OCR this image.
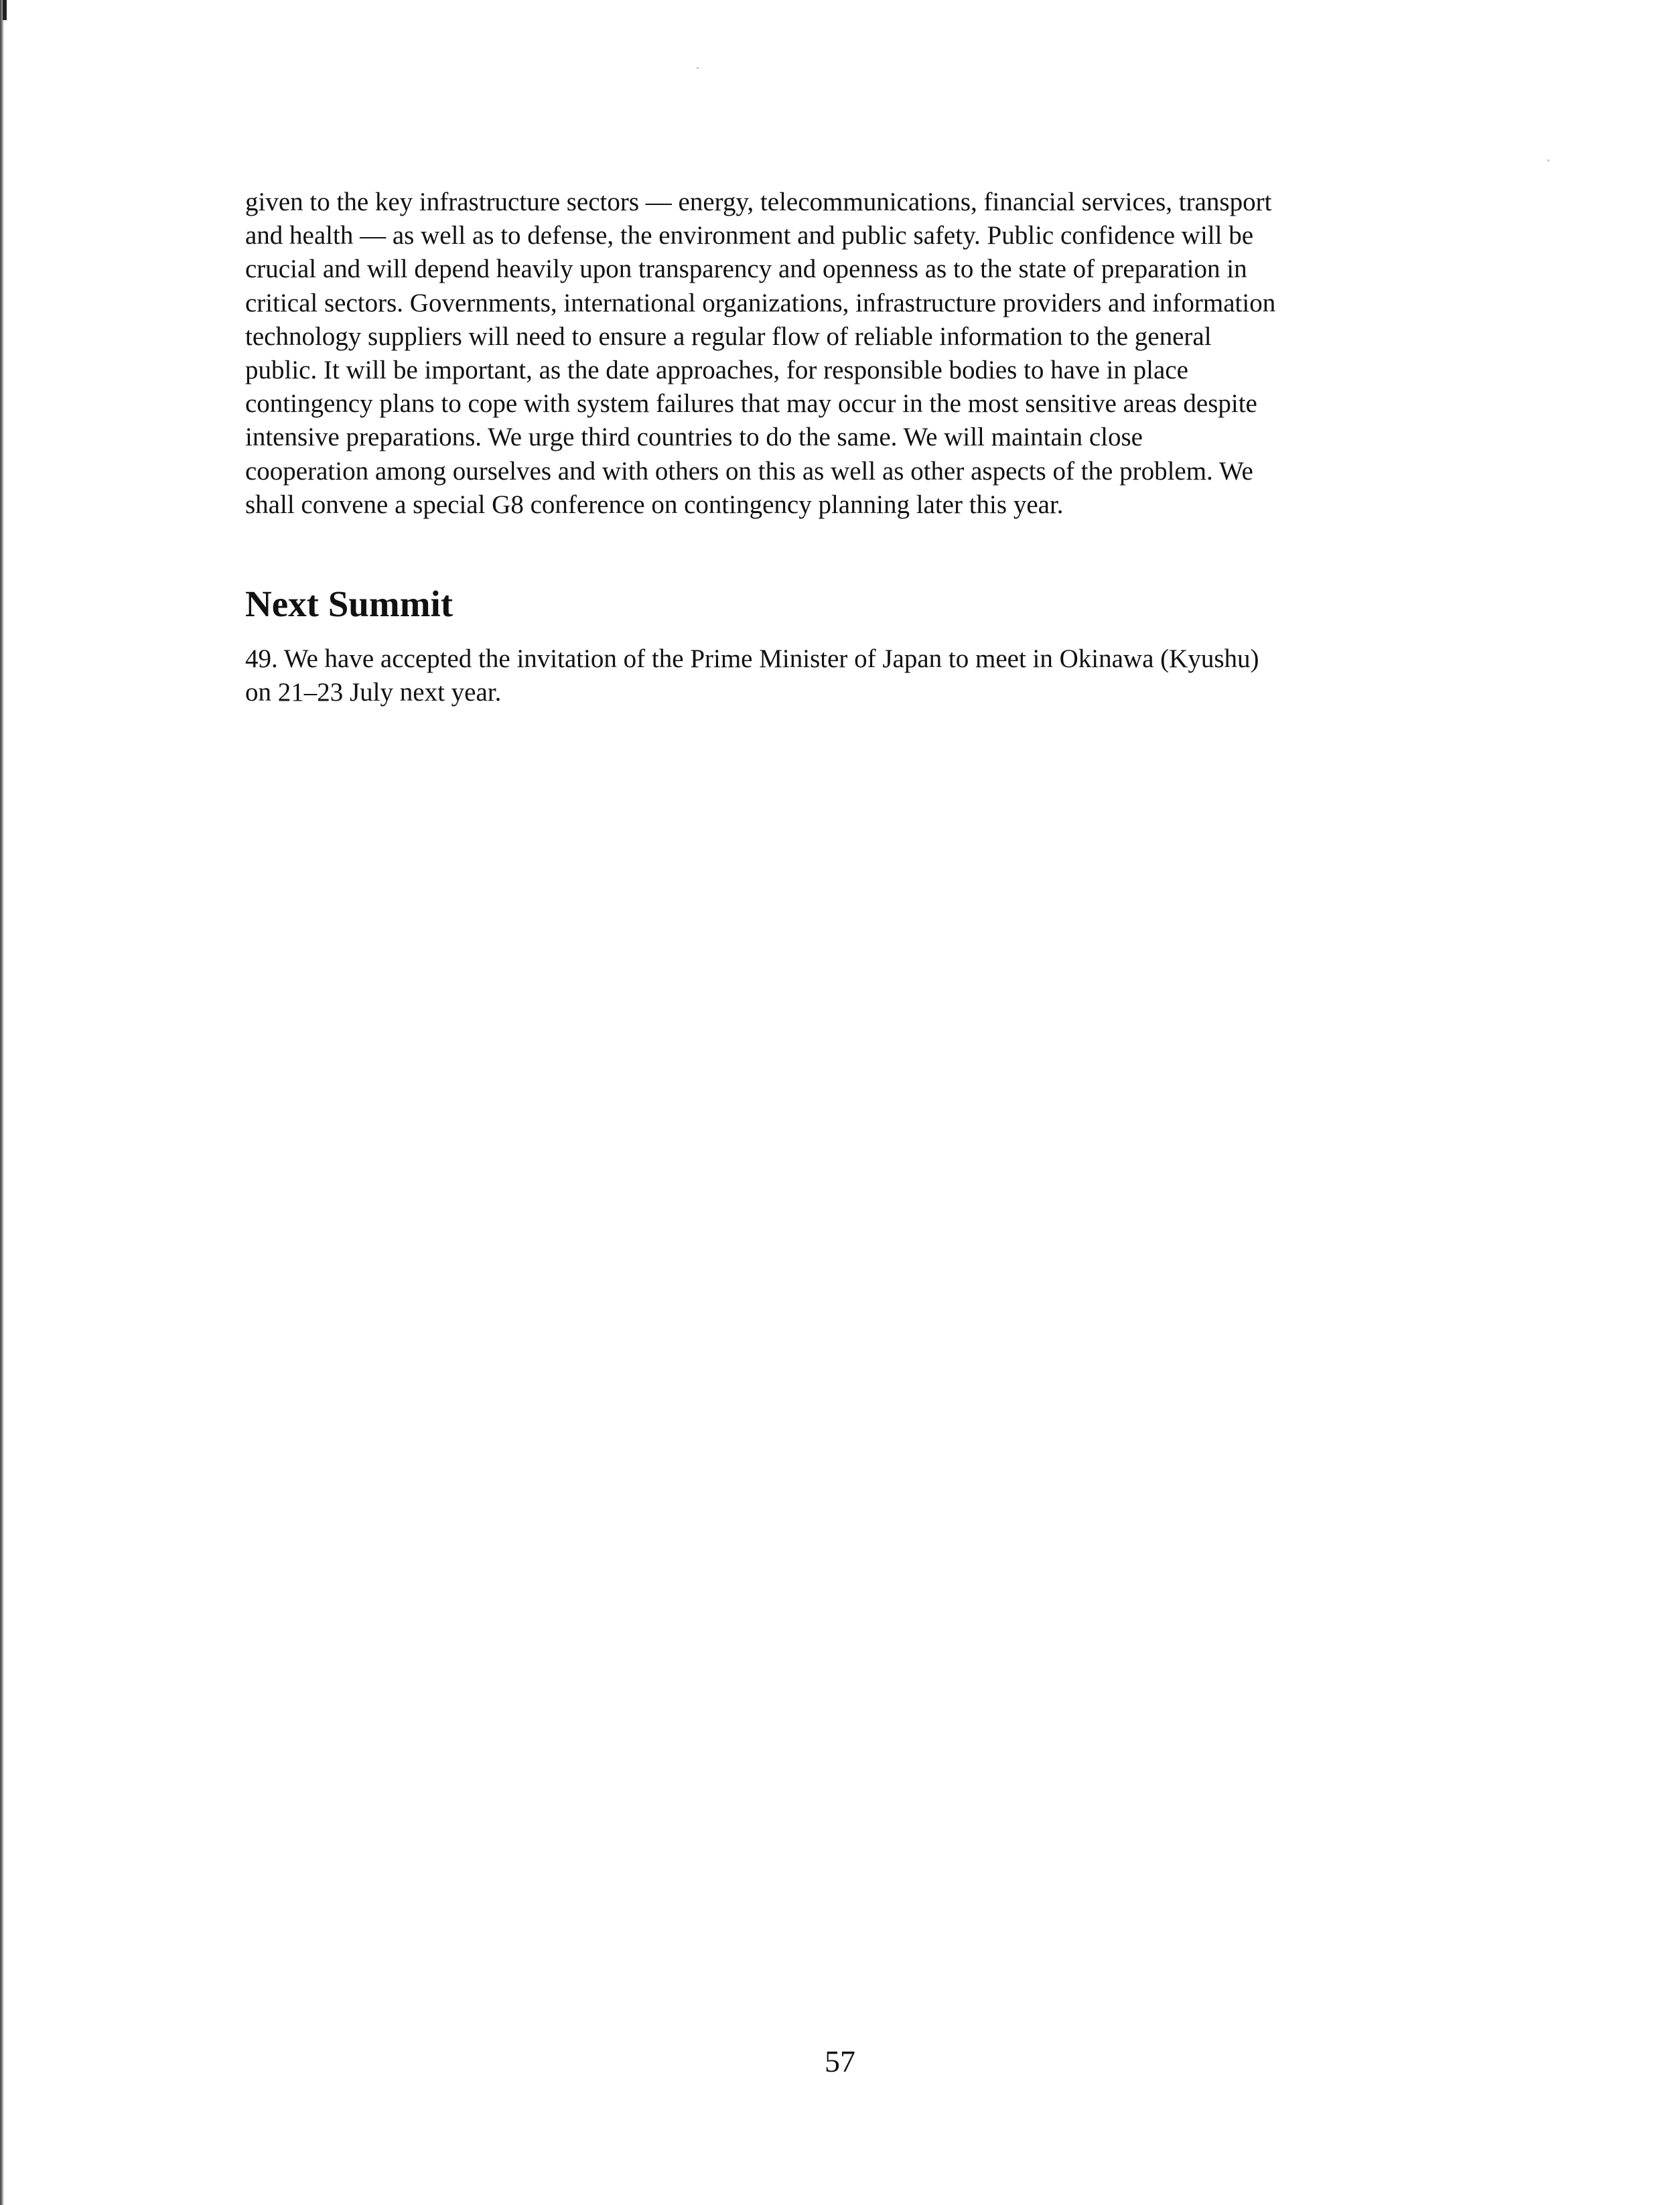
given to the key infrastructure sectors — energy, telecommunications, financial services, transport
and health — as well as to defense, the environment and public safety. Public confidence will be
crucial and will depend heavily upon transparency and openness as to the state of preparation in
critical sectors. Governments, international organizations, infrastructure providers and information
technology suppliers will need to ensure a regular flow of reliable information to the general
public. It will be important, as the date approaches, for responsible bodies to have in place
contingency plans to cope with system failures that may occur in the most sensitive areas despite
intensive preparations. We urge third countries to do the same. We will maintain close
cooperation among ourselves and with others on this as well as other aspects of the problem. We
shall convene a special G8 conference on contingency planning later this year.

Next Summit

49. We have accepted the invitation of the Prime Minister of Japan to meet in Okinawa (Kyushu)
on 21–23 July next year.

57
